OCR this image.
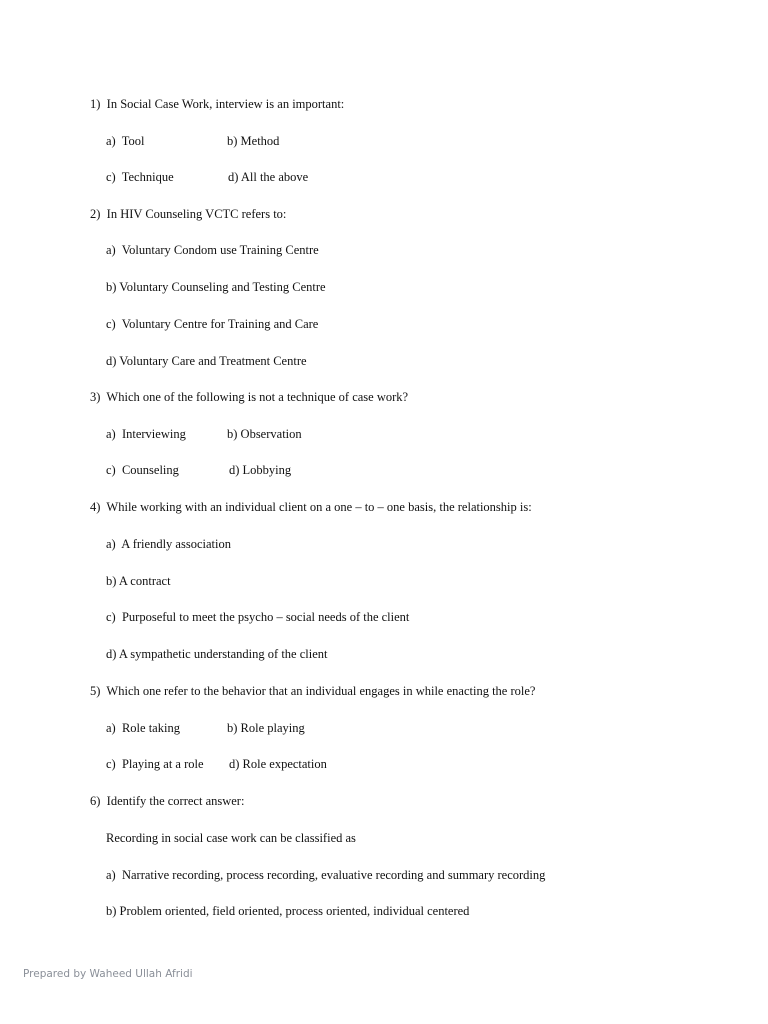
1)  In Social Case Work, interview is an important:
a)  Tool	b) Method
c)  Technique	d) All the above
2)  In HIV Counseling VCTC refers to:
a)  Voluntary Condom use Training Centre
b) Voluntary Counseling and Testing Centre
c)  Voluntary Centre for Training and Care
d) Voluntary Care and Treatment Centre
3)  Which one of the following is not a technique of case work?
a)  Interviewing	b) Observation
c)  Counseling	d) Lobbying
4)  While working with an individual client on a one – to – one basis, the relationship is:
a)  A friendly association
b) A contract
c)  Purposeful to meet the psycho – social needs of the client
d) A sympathetic understanding of the client
5)  Which one refer to the behavior that an individual engages in while enacting the role?
a)  Role taking	b) Role playing
c)  Playing at a role d) Role expectation
6)  Identify the correct answer:
Recording in social case work can be classified as
a)  Narrative recording, process recording, evaluative recording and summary recording
b) Problem oriented, field oriented, process oriented, individual centered
Prepared by Waheed Ullah Afridi
